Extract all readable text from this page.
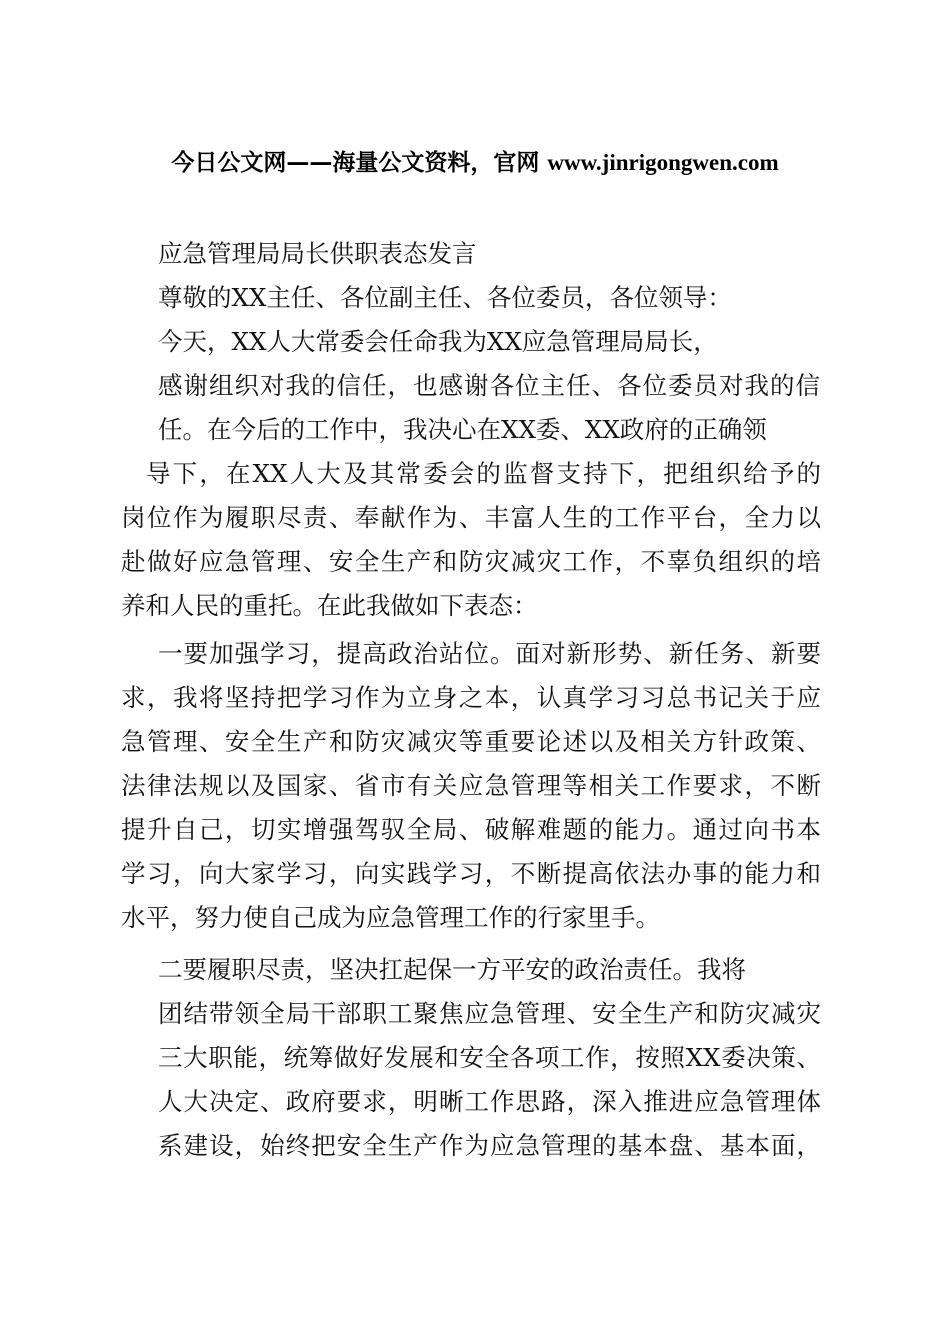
今日公文网——海量公文资料，官网 www.jinrigongwen.com
应急管理局局长供职表态发言
尊敬的XX主任、各位副主任、各位委员，各位领导：
今天，XX人大常委会任命我为XX应急管理局局长，
感谢组织对我的信任，也感谢各位主任、各位委员对我的信
任。在今后的工作中，我决心在XX委、XX政府的正确领
导下，在XX人大及其常委会的监督支持下，把组织给予的
岗位作为履职尽责、奉献作为、丰富人生的工作平台，全力以
赴做好应急管理、安全生产和防灾减灾工作，不辜负组织的培
养和人民的重托。在此我做如下表态：
一要加强学习，提高政治站位。面对新形势、新任务、新要
求，我将坚持把学习作为立身之本，认真学习习总书记关于应
急管理、安全生产和防灾减灾等重要论述以及相关方针政策、
法律法规以及国家、省市有关应急管理等相关工作要求，不断
提升自己，切实增强驾驭全局、破解难题的能力。通过向书本
学习，向大家学习，向实践学习，不断提高依法办事的能力和
水平，努力使自己成为应急管理工作的行家里手。
二要履职尽责，坚决扛起保一方平安的政治责任。我将
团结带领全局干部职工聚焦应急管理、安全生产和防灾减灾
三大职能，统筹做好发展和安全各项工作，按照XX委决策、
人大决定、政府要求，明晰工作思路，深入推进应急管理体
系建设，始终把安全生产作为应急管理的基本盘、基本面，
